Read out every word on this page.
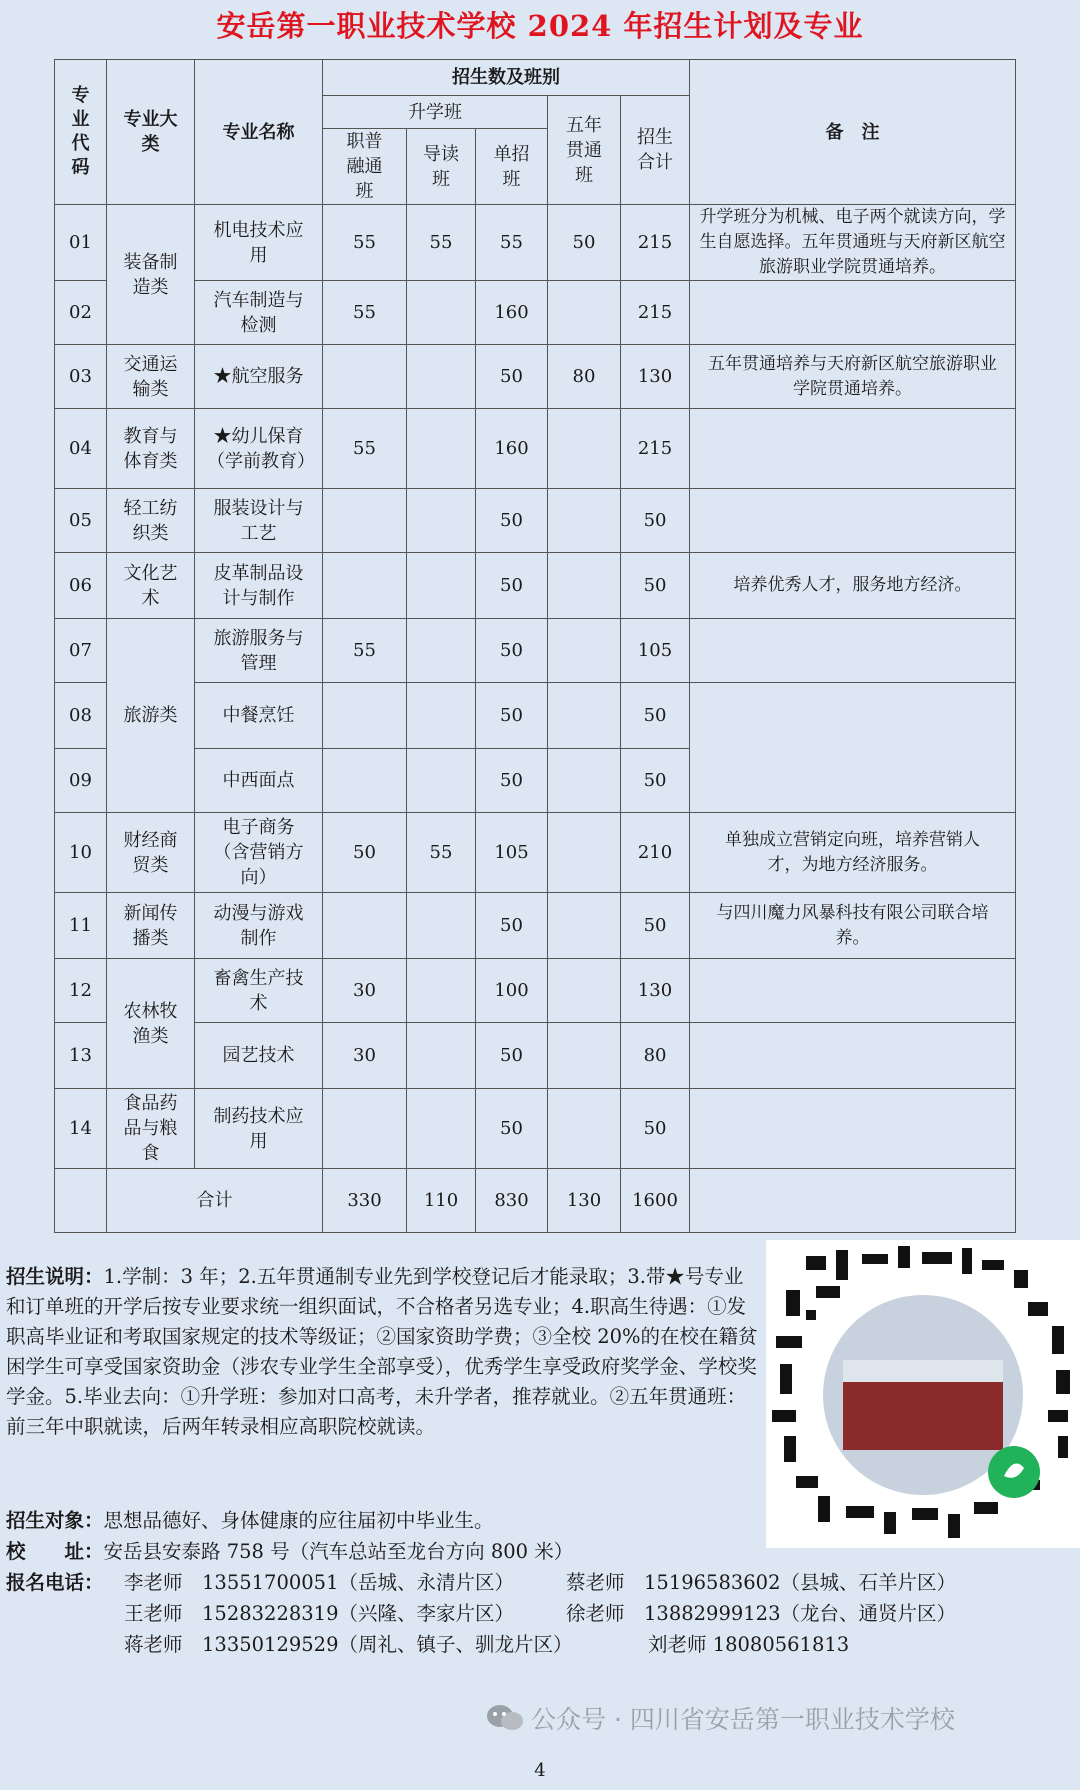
安岳第一职业技术学校 2024 年招生计划及专业
专业代码	专业大类	专业名称	招生数及班别					备　注
			升学班			五年贯通班	招生合计	
			职普融通班	导读班	单招班			
01	装备制造类	机电技术应用	55	55	55	50	215	升学班分为机械、电子两个就读方向，学生自愿选择。五年贯通班与天府新区航空旅游职业学院贯通培养。
02		汽车制造与检测	55		160		215	
03	交通运输类	★航空服务			50	80	130	五年贯通培养与天府新区航空旅游职业学院贯通培养。
04	教育与体育类	★幼儿保育（学前教育）	55		160		215	
05	轻工纺织类	服装设计与工艺			50		50	
06	文化艺术	皮革制品设计与制作			50		50	培养优秀人才，服务地方经济。
07	旅游类	旅游服务与管理	55		50		105	
08		中餐烹饪			50		50	
09		中西面点			50		50	
10	财经商贸类	电子商务（含营销方向）	50	55	105		210	单独成立营销定向班，培养营销人才，为地方经济服务。
11	新闻传播类	动漫与游戏制作			50		50	与四川魔力风暴科技有限公司联合培养。
12	农林牧渔类	畜禽生产技术	30		100		130	
13		园艺技术	30		50		80	
14	食品药品与粮食	制药技术应用			50		50	
	合计		330	110	830	130	1600	
招生说明：1.学制：3 年；2.五年贯通制专业先到学校登记后才能录取；3.带★号专业和订单班的开学后按专业要求统一组织面试，不合格者另选专业；4.职高生待遇：①发职高毕业证和考取国家规定的技术等级证；②国家资助学费；③全校 20%的在校在籍贫困学生可享受国家资助金（涉农专业学生全部享受），优秀学生享受政府奖学金、学校奖学金。5.毕业去向：①升学班：参加对口高考，未升学者，推荐就业。②五年贯通班：前三年中职就读，后两年转录相应高职院校就读。
招生对象：思想品德好、身体健康的应往届初中毕业生。
校　　址：安岳县安泰路 758 号（汽车总站至龙台方向 800 米）
报名电话： 李老师　13551700051（岳城、永清片区）	蔡老师　15196583602（县城、石羊片区）
王老师　15283228319（兴隆、李家片区）	徐老师　13882999123（龙台、通贤片区）
蒋老师　13350129529（周礼、镇子、驯龙片区）	刘老师 18080561813
公众号 · 四川省安岳第一职业技术学校
4
